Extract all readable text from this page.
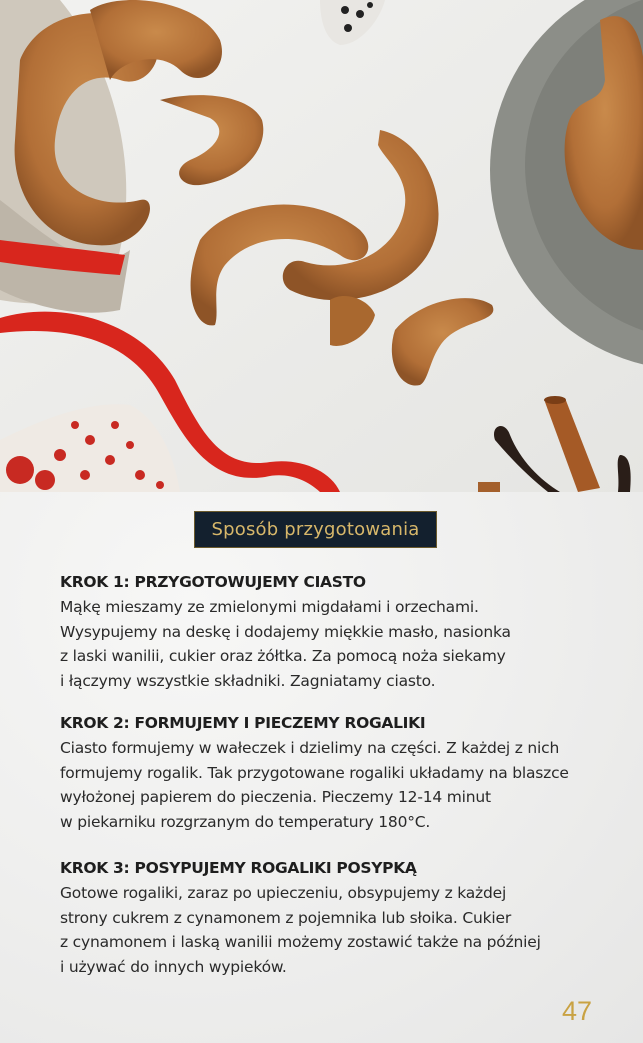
Sposób przygotowania
KROK 1: PRZYGOTOWUJEMY CIASTO

Mąkę mieszamy ze zmielonymi migdałami i orzechami.
Wysypujemy na deskę i dodajemy miękkie masło, nasionka
z laski wanilii, cukier oraz żółtka. Za pomocą noża siekamy
i łączymy wszystkie składniki. Zagniatamy ciasto.

KROK 2: FORMUJEMY I PIECZEMY ROGALIKI

Ciasto formujemy w wałeczek i dzielimy na części. Z każdej z nich
formujemy rogalik. Tak przygotowane rogaliki układamy na blaszce
wyłożonej papierem do pieczenia. Pieczemy 12-14 minut
w piekarniku rozgrzanym do temperatury 180°C.

KROK 3: POSYPUJEMY ROGALIKI POSYPKĄ

Gotowe rogaliki, zaraz po upieczeniu, obsypujemy z każdej
strony cukrem z cynamonem z pojemnika lub słoika. Cukier
z cynamonem i laską wanilii możemy zostawić także na później
i używać do innych wypieków.

47
